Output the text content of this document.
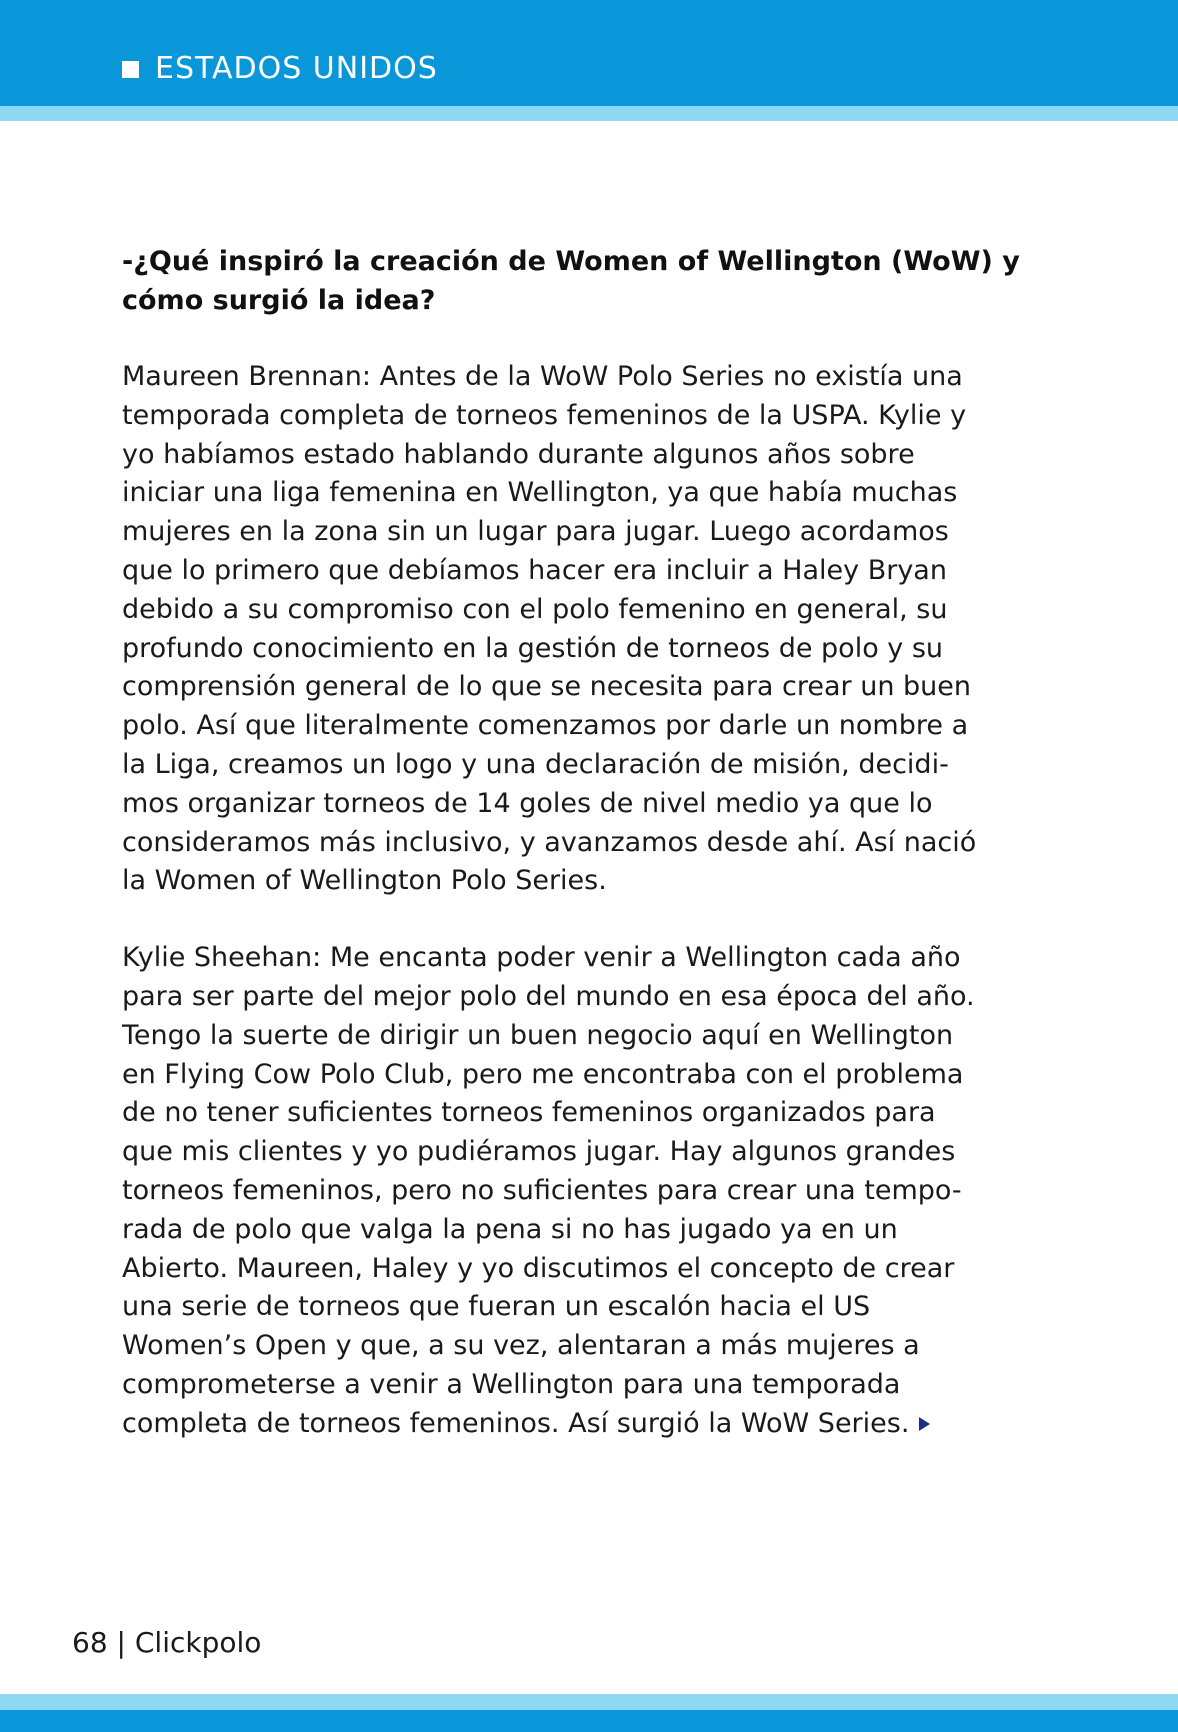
ESTADOS UNIDOS

-¿Qué inspiró la creación de Women of Wellington (WoW) y
cómo surgió la idea?

Maureen Brennan: Antes de la WoW Polo Series no existía una
temporada completa de torneos femeninos de la USPA. Kylie y
yo habíamos estado hablando durante algunos años sobre
iniciar una liga femenina en Wellington, ya que había muchas
mujeres en la zona sin un lugar para jugar. Luego acordamos
que lo primero que debíamos hacer era incluir a Haley Bryan
debido a su compromiso con el polo femenino en general, su
profundo conocimiento en la gestión de torneos de polo y su
comprensión general de lo que se necesita para crear un buen
polo. Así que literalmente comenzamos por darle un nombre a
la Liga, creamos un logo y una declaración de misión, decidi-
mos organizar torneos de 14 goles de nivel medio ya que lo
consideramos más inclusivo, y avanzamos desde ahí. Así nació
la Women of Wellington Polo Series.

Kylie Sheehan: Me encanta poder venir a Wellington cada año
para ser parte del mejor polo del mundo en esa época del año.
Tengo la suerte de dirigir un buen negocio aquí en Wellington
en Flying Cow Polo Club, pero me encontraba con el problema
de no tener suficientes torneos femeninos organizados para
que mis clientes y yo pudiéramos jugar. Hay algunos grandes
torneos femeninos, pero no suficientes para crear una tempo-
rada de polo que valga la pena si no has jugado ya en un
Abierto. Maureen, Haley y yo discutimos el concepto de crear
una serie de torneos que fueran un escalón hacia el US
Women’s Open y que, a su vez, alentaran a más mujeres a
comprometerse a venir a Wellington para una temporada
completa de torneos femeninos. Así surgió la WoW Series.

68 | Clickpolo
